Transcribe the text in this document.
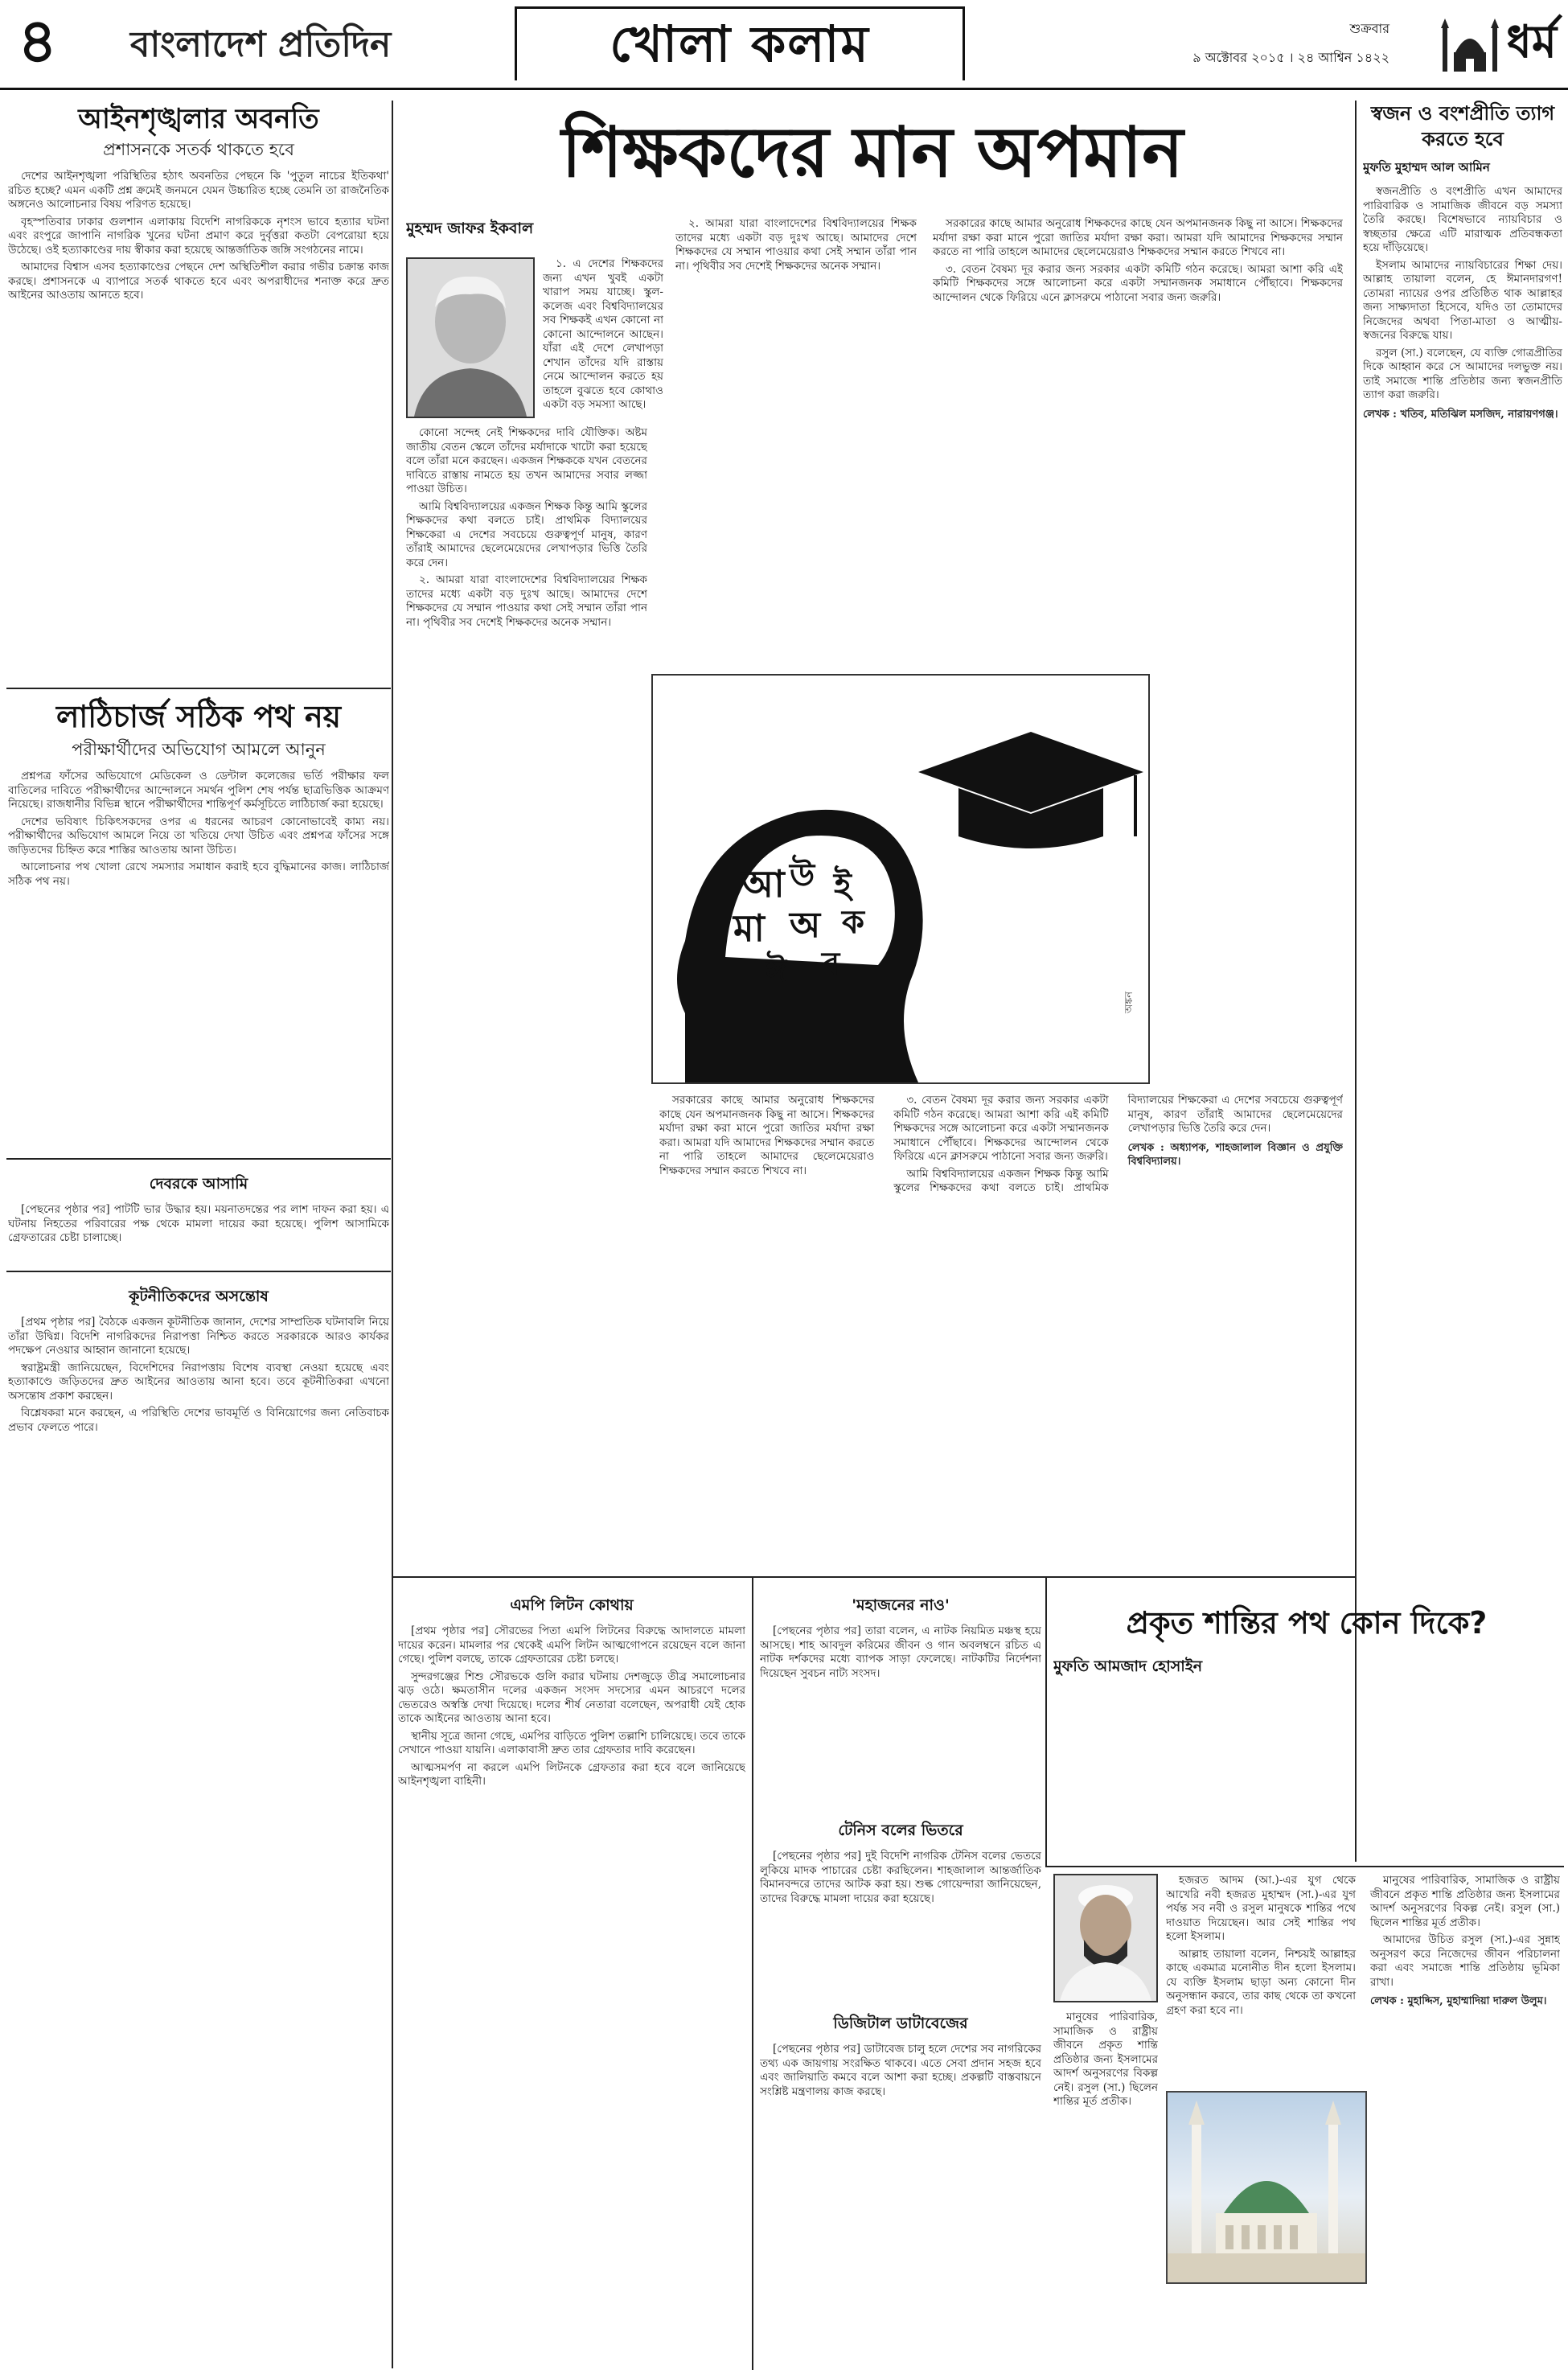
৪ বাংলাদেশ প্রতিদিন	খোলা কলাম	শুক্রবার
৯ অক্টোবর ২০১৫ । ২৪ আশ্বিন ১৪২২	ধর্ম
আইনশৃঙ্খলার অবনতি
প্রশাসনকে সতর্ক থাকতে হবে

দেশের আইনশৃঙ্খলা পরিস্থিতির হঠাৎ অবনতির পেছনে কি 'পুতুল নাচের ইতিকথা' রচিত হচ্ছে? এমন একটি প্রশ্ন ক্রমেই জনমনে যেমন উচ্চারিত হচ্ছে তেমনি তা রাজনৈতিক অঙ্গনেও আলোচনার বিষয় পরিণত হয়েছে।

বৃহস্পতিবার ঢাকার গুলশান এলাকায় বিদেশি নাগরিককে নৃশংস ভাবে হত্যার ঘটনা এবং রংপুরে জাপানি নাগরিক খুনের ঘটনা প্রমাণ করে দুর্বৃত্তরা কতটা বেপরোয়া হয়ে উঠেছে। ওই হত্যাকাণ্ডের দায় স্বীকার করা হয়েছে আন্তর্জাতিক জঙ্গি সংগঠনের নামে।

আমাদের বিশ্বাস এসব হত্যাকাণ্ডের পেছনে দেশ অস্থিতিশীল করার গভীর চক্রান্ত কাজ করছে। প্রশাসনকে এ ব্যাপারে সতর্ক থাকতে হবে এবং অপরাধীদের শনাক্ত করে দ্রুত আইনের আওতায় আনতে হবে।

লাঠিচার্জ সঠিক পথ নয়
পরীক্ষার্থীদের অভিযোগ আমলে আনুন

প্রশ্নপত্র ফাঁসের অভিযোগে মেডিকেল ও ডেন্টাল কলেজের ভর্তি পরীক্ষার ফল বাতিলের দাবিতে পরীক্ষার্থীদের আন্দোলনে সমর্থন পুলিশ শেষ পর্যন্ত ছাত্রভিত্তিক আক্রমণ নিয়েছে। রাজধানীর বিভিন্ন স্থানে পরীক্ষার্থীদের শান্তিপূর্ণ কর্মসূচিতে লাঠিচার্জ করা হয়েছে।

দেশের ভবিষ্যৎ চিকিৎসকদের ওপর এ ধরনের আচরণ কোনোভাবেই কাম্য নয়। পরীক্ষার্থীদের অভিযোগ আমলে নিয়ে তা খতিয়ে দেখা উচিত এবং প্রশ্নপত্র ফাঁসের সঙ্গে জড়িতদের চিহ্নিত করে শাস্তির আওতায় আনা উচিত।

আলোচনার পথ খোলা রেখে সমস্যার সমাধান করাই হবে বুদ্ধিমানের কাজ। লাঠিচার্জ সঠিক পথ নয়।

দেবরকে আসামি

[পেছনের পৃষ্ঠার পর] পাটটি ভার উদ্ধার হয়। ময়নাতদন্তের পর লাশ দাফন করা হয়। এ ঘটনায় নিহতের পরিবারের পক্ষ থেকে মামলা দায়ের করা হয়েছে। পুলিশ আসামিকে গ্রেফতারের চেষ্টা চালাচ্ছে।

কূটনীতিকদের অসন্তোষ

[প্রথম পৃষ্ঠার পর] বৈঠকে একজন কূটনীতিক জানান, দেশের সাম্প্রতিক ঘটনাবলি নিয়ে তাঁরা উদ্বিগ্ন। বিদেশি নাগরিকদের নিরাপত্তা নিশ্চিত করতে সরকারকে আরও কার্যকর পদক্ষেপ নেওয়ার আহ্বান জানানো হয়েছে।

স্বরাষ্ট্রমন্ত্রী জানিয়েছেন, বিদেশিদের নিরাপত্তায় বিশেষ ব্যবস্থা নেওয়া হয়েছে এবং হত্যাকাণ্ডে জড়িতদের দ্রুত আইনের আওতায় আনা হবে। তবে কূটনীতিকরা এখনো অসন্তোষ প্রকাশ করছেন।

বিশ্লেষকরা মনে করছেন, এ পরিস্থিতি দেশের ভাবমূর্তি ও বিনিয়োগের জন্য নেতিবাচক প্রভাব ফেলতে পারে।

শিক্ষকদের মান অপমান
মুহম্মদ জাফর ইকবাল

১. এ দেশের শিক্ষকদের জন্য এখন খুবই একটা খারাপ সময় যাচ্ছে। স্কুল-কলেজ এবং বিশ্ববিদ্যালয়ের সব শিক্ষকই এখন কোনো না কোনো আন্দোলনে আছেন। যাঁরা এই দেশে লেখাপড়া শেখান তাঁদের যদি রাস্তায় নেমে আন্দোলন করতে হয় তাহলে বুঝতে হবে কোথাও একটা বড় সমস্যা আছে।

কোনো সন্দেহ নেই শিক্ষকদের দাবি যৌক্তিক। অষ্টম জাতীয় বেতন স্কেলে তাঁদের মর্যাদাকে খাটো করা হয়েছে বলে তাঁরা মনে করছেন। একজন শিক্ষককে যখন বেতনের দাবিতে রাস্তায় নামতে হয় তখন আমাদের সবার লজ্জা পাওয়া উচিত।

আমি বিশ্ববিদ্যালয়ের একজন শিক্ষক কিন্তু আমি স্কুলের শিক্ষকদের কথা বলতে চাই। প্রাথমিক বিদ্যালয়ের শিক্ষকেরা এ দেশের সবচেয়ে গুরুত্বপূর্ণ মানুষ, কারণ তাঁরাই আমাদের ছেলেমেয়েদের লেখাপড়ার ভিত্তি তৈরি করে দেন।

২. আমরা যারা বাংলাদেশের বিশ্ববিদ্যালয়ের শিক্ষক তাদের মধ্যে একটা বড় দুঃখ আছে। আমাদের দেশে শিক্ষকদের যে সম্মান পাওয়ার কথা সেই সম্মান তাঁরা পান না। পৃথিবীর সব দেশেই শিক্ষকদের অনেক সম্মান।

২. আমরা যারা বাংলাদেশের বিশ্ববিদ্যালয়ের শিক্ষক তাদের মধ্যে একটা বড় দুঃখ আছে। আমাদের দেশে শিক্ষকদের যে সম্মান পাওয়ার কথা সেই সম্মান তাঁরা পান না। পৃথিবীর সব দেশেই শিক্ষকদের অনেক সম্মান।

সরকারের কাছে আমার অনুরোধ শিক্ষকদের কাছে যেন অপমানজনক কিছু না আসে। শিক্ষকদের মর্যাদা রক্ষা করা মানে পুরো জাতির মর্যাদা রক্ষা করা। আমরা যদি আমাদের শিক্ষকদের সম্মান করতে না পারি তাহলে আমাদের ছেলেমেয়েরাও শিক্ষকদের সম্মান করতে শিখবে না।

৩. বেতন বৈষম্য দূর করার জন্য সরকার একটা কমিটি গঠন করেছে। আমরা আশা করি এই কমিটি শিক্ষকদের সঙ্গে আলোচনা করে একটা সম্মানজনক সমাধানে পৌঁছাবে। শিক্ষকদের আন্দোলন থেকে ফিরিয়ে এনে ক্লাসরুমে পাঠানো সবার জন্য জরুরি।

আ উ ই
মা অ ক
ঈ ব
অঙ্কন

সরকারের কাছে আমার অনুরোধ শিক্ষকদের কাছে যেন অপমানজনক কিছু না আসে। শিক্ষকদের মর্যাদা রক্ষা করা মানে পুরো জাতির মর্যাদা রক্ষা করা। আমরা যদি আমাদের শিক্ষকদের সম্মান করতে না পারি তাহলে আমাদের ছেলেমেয়েরাও শিক্ষকদের সম্মান করতে শিখবে না।

৩. বেতন বৈষম্য দূর করার জন্য সরকার একটা কমিটি গঠন করেছে। আমরা আশা করি এই কমিটি শিক্ষকদের সঙ্গে আলোচনা করে একটা সম্মানজনক সমাধানে পৌঁছাবে। শিক্ষকদের আন্দোলন থেকে ফিরিয়ে এনে ক্লাসরুমে পাঠানো সবার জন্য জরুরি।

আমি বিশ্ববিদ্যালয়ের একজন শিক্ষক কিন্তু আমি স্কুলের শিক্ষকদের কথা বলতে চাই। প্রাথমিক বিদ্যালয়ের শিক্ষকেরা এ দেশের সবচেয়ে গুরুত্বপূর্ণ মানুষ, কারণ তাঁরাই আমাদের ছেলেমেয়েদের লেখাপড়ার ভিত্তি তৈরি করে দেন।

লেখক : অধ্যাপক, শাহজালাল বিজ্ঞান ও প্রযুক্তি বিশ্ববিদ্যালয়।
এমপি লিটন কোথায়

[প্রথম পৃষ্ঠার পর] সৌরভের পিতা এমপি লিটনের বিরুদ্ধে আদালতে মামলা দায়ের করেন। মামলার পর থেকেই এমপি লিটন আত্মগোপনে রয়েছেন বলে জানা গেছে। পুলিশ বলছে, তাকে গ্রেফতারের চেষ্টা চলছে।

সুন্দরগঞ্জের শিশু সৌরভকে গুলি করার ঘটনায় দেশজুড়ে তীব্র সমালোচনার ঝড় ওঠে। ক্ষমতাসীন দলের একজন সংসদ সদস্যের এমন আচরণে দলের ভেতরেও অস্বস্তি দেখা দিয়েছে। দলের শীর্ষ নেতারা বলেছেন, অপরাধী যেই হোক তাকে আইনের আওতায় আনা হবে।

স্থানীয় সূত্রে জানা গেছে, এমপির বাড়িতে পুলিশ তল্লাশি চালিয়েছে। তবে তাকে সেখানে পাওয়া যায়নি। এলাকাবাসী দ্রুত তার গ্রেফতার দাবি করেছেন।

আত্মসমর্পণ না করলে এমপি লিটনকে গ্রেফতার করা হবে বলে জানিয়েছে আইনশৃঙ্খলা বাহিনী।

'মহাজনের নাও'

[পেছনের পৃষ্ঠার পর] তারা বলেন, এ নাটক নিয়মিত মঞ্চস্থ হয়ে আসছে। শাহ আবদুল করিমের জীবন ও গান অবলম্বনে রচিত এ নাটক দর্শকদের মধ্যে ব্যাপক সাড়া ফেলেছে। নাটকটির নির্দেশনা দিয়েছেন সুবচন নাট্য সংসদ।

টেনিস বলের ভিতরে

[পেছনের পৃষ্ঠার পর] দুই বিদেশি নাগরিক টেনিস বলের ভেতরে লুকিয়ে মাদক পাচারের চেষ্টা করছিলেন। শাহজালাল আন্তর্জাতিক বিমানবন্দরে তাদের আটক করা হয়। শুল্ক গোয়েন্দারা জানিয়েছেন, তাদের বিরুদ্ধে মামলা দায়ের করা হয়েছে।

ডিজিটাল ডাটাবেজের

[পেছনের পৃষ্ঠার পর] ডাটাবেজ চালু হলে দেশের সব নাগরিকের তথ্য এক জায়গায় সংরক্ষিত থাকবে। এতে সেবা প্রদান সহজ হবে এবং জালিয়াতি কমবে বলে আশা করা হচ্ছে। প্রকল্পটি বাস্তবায়নে সংশ্লিষ্ট মন্ত্রণালয় কাজ করছে।

স্বজন ও বংশপ্রীতি ত্যাগ করতে হবে
মুফতি মুহাম্মদ আল আমিন

স্বজনপ্রীতি ও বংশপ্রীতি এখন আমাদের পারিবারিক ও সামাজিক জীবনে বড় সমস্যা তৈরি করছে। বিশেষভাবে ন্যায়বিচার ও স্বচ্ছতার ক্ষেত্রে এটি মারাত্মক প্রতিবন্ধকতা হয়ে দাঁড়িয়েছে।

ইসলাম আমাদের ন্যায়বিচারের শিক্ষা দেয়। আল্লাহ তায়ালা বলেন, হে ঈমানদারগণ! তোমরা ন্যায়ের ওপর প্রতিষ্ঠিত থাক আল্লাহর জন্য সাক্ষ্যদাতা হিসেবে, যদিও তা তোমাদের নিজেদের অথবা পিতা-মাতা ও আত্মীয়-স্বজনের বিরুদ্ধে যায়।

রসুল (সা.) বলেছেন, যে ব্যক্তি গোত্রপ্রীতির দিকে আহ্বান করে সে আমাদের দলভুক্ত নয়। তাই সমাজে শান্তি প্রতিষ্ঠার জন্য স্বজনপ্রীতি ত্যাগ করা জরুরি।

লেখক : খতিব, মতিঝিল মসজিদ, নারায়ণগঞ্জ।
প্রকৃত শান্তির পথ কোন দিকে?
মুফতি আমজাদ হোসাইন

হজরত আদম (আ.)-এর যুগ থেকে আখেরি নবী হজরত মুহাম্মদ (সা.)-এর যুগ পর্যন্ত সব নবী ও রসুল মানুষকে শান্তির পথে দাওয়াত দিয়েছেন। আর সেই শান্তির পথ হলো ইসলাম।

আল্লাহ তায়ালা বলেন, নিশ্চয়ই আল্লাহর কাছে একমাত্র মনোনীত দীন হলো ইসলাম। যে ব্যক্তি ইসলাম ছাড়া অন্য কোনো দীন অনুসন্ধান করবে, তার কাছ থেকে তা কখনো গ্রহণ করা হবে না।

মানুষের পারিবারিক, সামাজিক ও রাষ্ট্রীয় জীবনে প্রকৃত শান্তি প্রতিষ্ঠার জন্য ইসলামের আদর্শ অনুসরণের বিকল্প নেই। রসুল (সা.) ছিলেন শান্তির মূর্ত প্রতীক।

আমাদের উচিত রসুল (সা.)-এর সুন্নাহ অনুসরণ করে নিজেদের জীবন পরিচালনা করা এবং সমাজে শান্তি প্রতিষ্ঠায় ভূমিকা রাখা।

লেখক : মুহাদ্দিস, মুহাম্মাদিয়া দারুল উলুম।

মানুষের পারিবারিক, সামাজিক ও রাষ্ট্রীয় জীবনে প্রকৃত শান্তি প্রতিষ্ঠার জন্য ইসলামের আদর্শ অনুসরণের বিকল্প নেই। রসুল (সা.) ছিলেন শান্তির মূর্ত প্রতীক।
